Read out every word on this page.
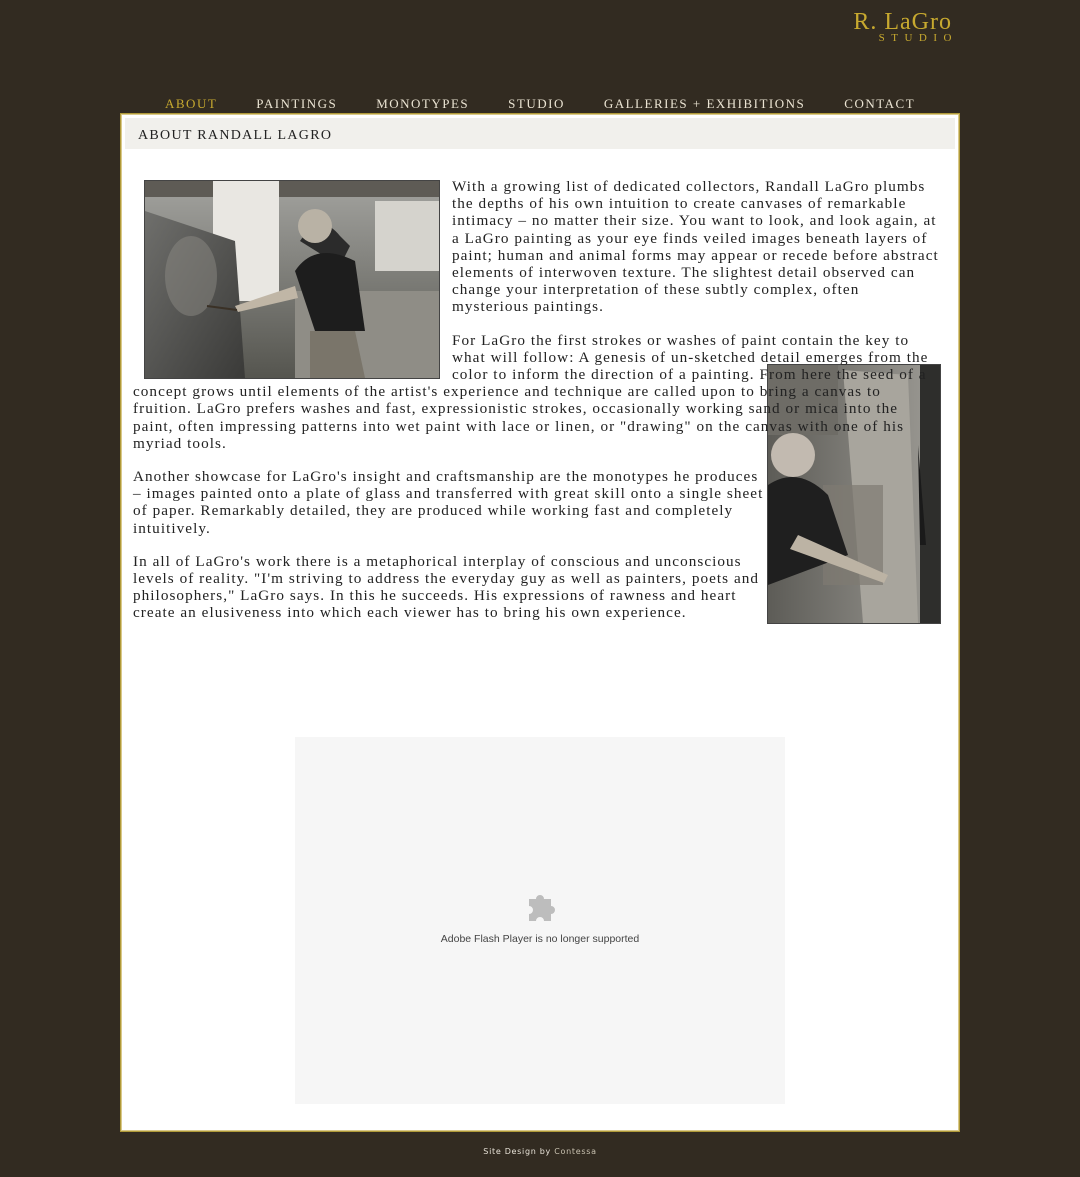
R. LaGro
STUDIO
ABOUT	PAINTINGS	MONOTYPES	STUDIO	GALLERIES + EXHIBITIONS	CONTACT
ABOUT RANDALL LAGRO

With a growing list of dedicated collectors, Randall LaGro plumbs the depths of his own intuition to create canvases of remarkable intimacy – no matter their size. You want to look, and look again, at a LaGro painting as your eye finds veiled images beneath layers of paint; human and animal forms may appear or recede before abstract elements of interwoven texture. The slightest detail observed can change your interpretation of these subtly complex, often mysterious paintings.

For LaGro the first strokes or washes of paint contain the key to what will follow: A genesis of un-sketched detail emerges from the color to inform the direction of a painting. From here the seed of a concept grows until elements of the artist's experience and technique are called upon to bring a canvas to fruition. LaGro prefers washes and fast, expressionistic strokes, occasionally working sand or mica into the paint, often impressing patterns into wet paint with lace or linen, or "drawing" on the canvas with one of his myriad tools.

Another showcase for LaGro's insight and craftsmanship are the monotypes he produces – images painted onto a plate of glass and transferred with great skill onto a single sheet of paper. Remarkably detailed, they are produced while working fast and completely intuitively.

In all of LaGro's work there is a metaphorical interplay of conscious and unconscious levels of reality. "I'm striving to address the everyday guy as well as painters, poets and philosophers," LaGro says. In this he succeeds. His expressions of rawness and heart create an elusiveness into which each viewer has to bring his own experience.

Adobe Flash Player is no longer supported
Site Design by Contessa
